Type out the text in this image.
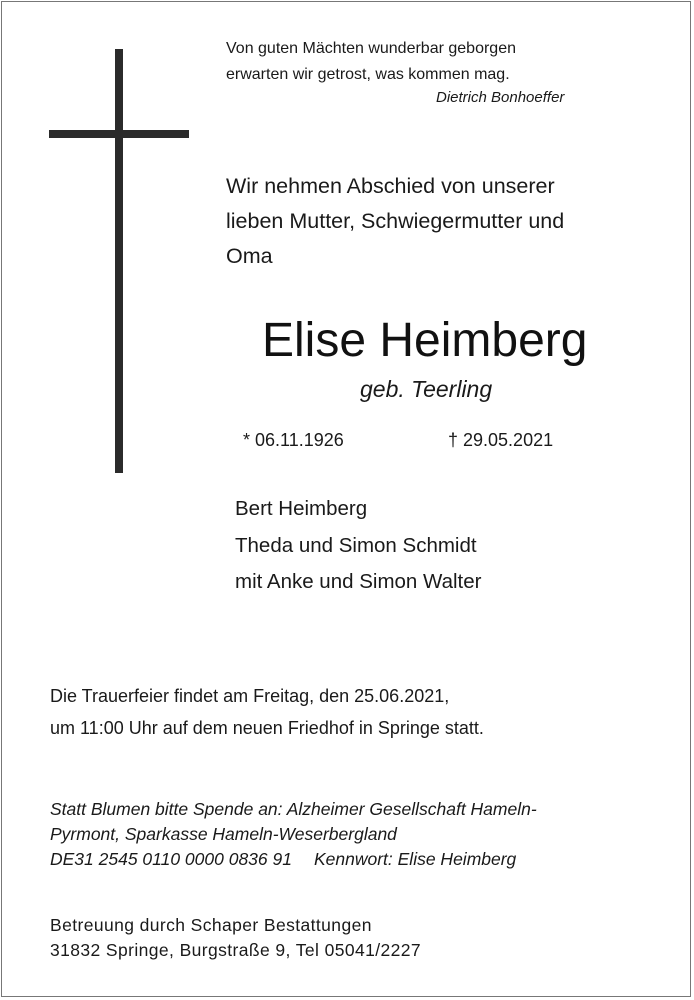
Von guten Mächten wunderbar geborgen
erwarten wir getrost, was kommen mag.
Dietrich Bonhoeffer
Wir nehmen Abschied von unserer
lieben Mutter, Schwiegermutter und
Oma
Elise Heimberg
geb. Teerling
* 06.11.1926	† 29.05.2021
Bert Heimberg
Theda und Simon Schmidt
mit Anke und Simon Walter
Die Trauerfeier findet am Freitag, den 25.06.2021,
um 11:00 Uhr auf dem neuen Friedhof in Springe statt.
Statt Blumen bitte Spende an: Alzheimer Gesellschaft Hameln-
Pyrmont, Sparkasse Hameln-Weserbergland
DE31 2545 0110 0000 0836 91 Kennwort: Elise Heimberg
Betreuung durch Schaper Bestattungen
31832 Springe, Burgstraße 9, Tel 05041/2227
